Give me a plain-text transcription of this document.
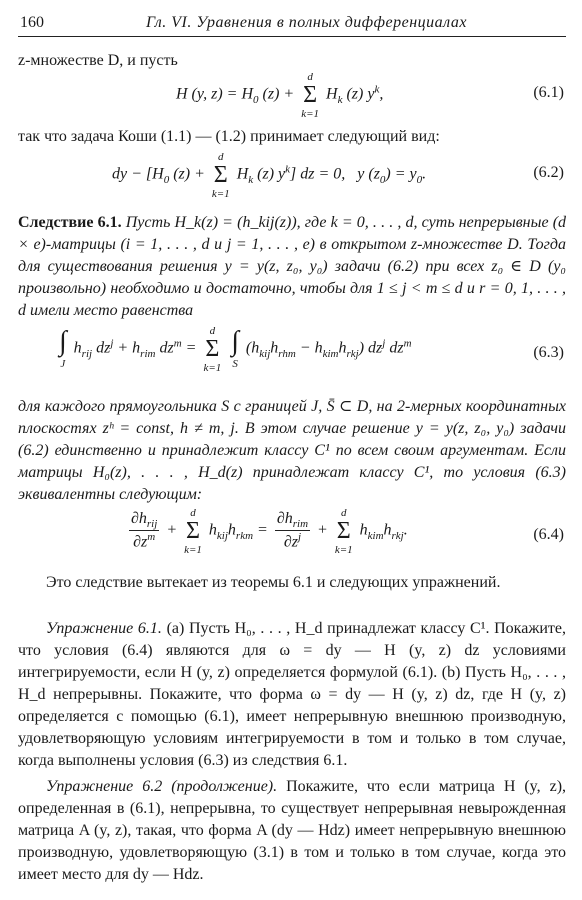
160	Гл. VI. Уравнения в полных дифференциалах

z-множестве D, и пусть

H (y, $z) = H_0$ (z) + d
Σ
k=1 $H_k$ (z) $y^k$,	(6.1)

так что задача Коши (1.1) — (1.2) принимает следующий вид:

dy − [$H_0$ (z) + d
Σ
k=1 $H_k$ (z) $y^k$] dz = 0,   y $(z_0) = y_0$.	(6.2)

Следствие 6.1. Пусть H_k(z) = (h_kij(z)), где k = 0, . . . , d, суть непрерывные (d × e)-матрицы (i = 1, . . . , d и j = 1, . . . , e) в открытом z-множестве D. Тогда для существования решения y = y(z, z₀, y₀) задачи (6.2) при всех z₀ ∈ D (y₀ произвольно) необходимо и достаточно, чтобы для 1 ≤ j < m ≤ d и r = 0, 1, . . . , d имели место равенства

∫
J $h_{rij}$ $dz^j + h_{rim}$ $dz^m = d$
Σ
k=1 ∫
S $(h_{kij}h_{rhm} - h_{kim}h_{rkj})$ $dz^j$ $dz^m$
(6.3)

для каждого прямоугольника S с границей J, S̄ ⊂ D, на 2-мерных координатных плоскостях zʰ = const, h ≠ m, j. В этом случае решение y = y(z, z₀, y₀) задачи (6.2) единственно и принадлежит классу C¹ по всем своим аргументам. Если матрицы H₀(z), . . . , H_d(z) принадлежат классу C¹, то условия (6.3) эквивалентны следующим:

$\frac{\partial h_{rij}}{\partial z^m} + d$
Σ
k=1 $h_{kij}h_{rkm} = \frac{\partial h_{rim}}{\partial z^j} + d$
Σ
k=1 $h_{kim}h_{rkj}$.	(6.4)

Это следствие вытекает из теоремы 6.1 и следующих упражнений.

Упражнение 6.1. (а) Пусть H₀, . . . , H_d принадлежат классу C¹. Покажите, что условия (6.4) являются для ω = dy — H (y, z) dz условиями интегрируемости, если H (y, z) определяется формулой (6.1). (b) Пусть H₀, . . . , H_d непрерывны. Покажите, что форма ω = dy — H (y, z) dz, где H (y, z) определяется с помощью (6.1), имеет непрерывную внешнюю производную, удовлетворяющую условиям интегрируемости в том и только в том случае, когда выполнены условия (6.3) из следствия 6.1.

Упражнение 6.2 (продолжение). Покажите, что если матрица H (y, z), определенная в (6.1), непрерывна, то существует непрерывная невырожденная матрица A (y, z), такая, что форма A (dy — Hdz) имеет непрерывную внешнюю производную, удовлетворяющую (3.1) в том и только в том случае, когда это имеет место для dy — Hdz.
